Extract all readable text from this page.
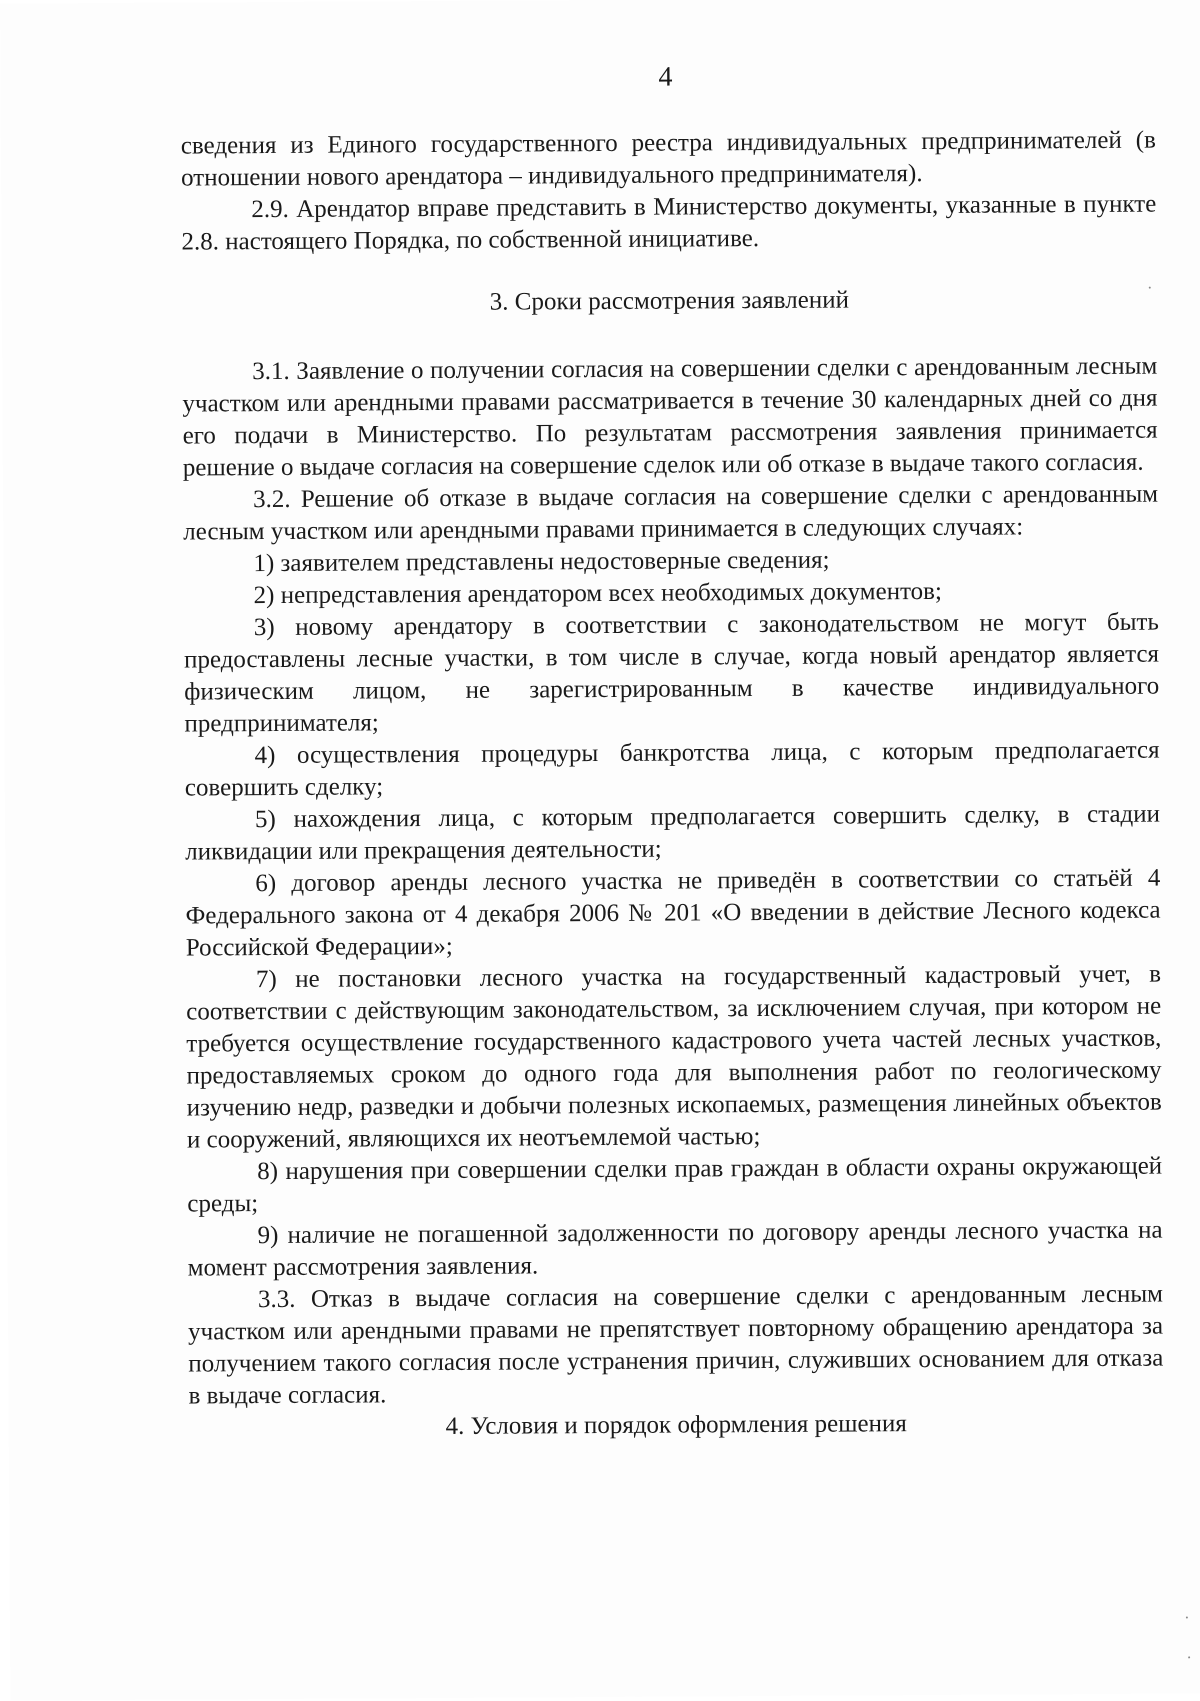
4

сведения из Единого государственного реестра индивидуальных предпринимателей (в отношении нового арендатора – индивидуального предпринимателя).

2.9. Арендатор вправе представить в Министерство документы, указанные в пункте 2.8. настоящего Порядка, по собственной инициативе.

3. Сроки рассмотрения заявлений

3.1. Заявление о получении согласия на совершении сделки с арендованным лесным участком или арендными правами рассматривается в течение 30 календарных дней со дня его подачи в Министерство. По результатам рассмотрения заявления принимается решение о выдаче согласия на совершение сделок или об отказе в выдаче такого согласия.

3.2. Решение об отказе в выдаче согласия на совершение сделки с арендованным лесным участком или арендными правами принимается в следующих случаях:

1) заявителем представлены недостоверные сведения;

2) непредставления арендатором всех необходимых документов;

3) новому арендатору в соответствии с законодательством не могут быть предоставлены лесные участки, в том числе в случае, когда новый арендатор является физическим лицом, не зарегистрированным в качестве индивидуального предпринимателя;

4) осуществления процедуры банкротства лица, с которым предполагается совершить сделку;

5) нахождения лица, с которым предполагается совершить сделку, в стадии ликвидации или прекращения деятельности;

6) договор аренды лесного участка не приведён в соответствии со статьёй 4 Федерального закона от 4 декабря 2006 № 201 «О введении в действие Лесного кодекса Российской Федерации»;

7) не постановки лесного участка на государственный кадастровый учет, в соответствии с действующим законодательством, за исключением случая, при котором не требуется осуществление государственного кадастрового учета частей лесных участков, предоставляемых сроком до одного года для выполнения работ по геологическому изучению недр, разведки и добычи полезных ископаемых, размещения линейных объектов и сооружений, являющихся их неотъемлемой частью;

8) нарушения при совершении сделки прав граждан в области охраны окружающей среды;

9) наличие не погашенной задолженности по договору аренды лесного участка на момент рассмотрения заявления.

3.3. Отказ в выдаче согласия на совершение сделки с арендованным лесным участком или арендными правами не препятствует повторному обращению арендатора за получением такого согласия после устранения причин, служивших основанием для отказа в выдаче согласия.

4. Условия и порядок оформления решения
